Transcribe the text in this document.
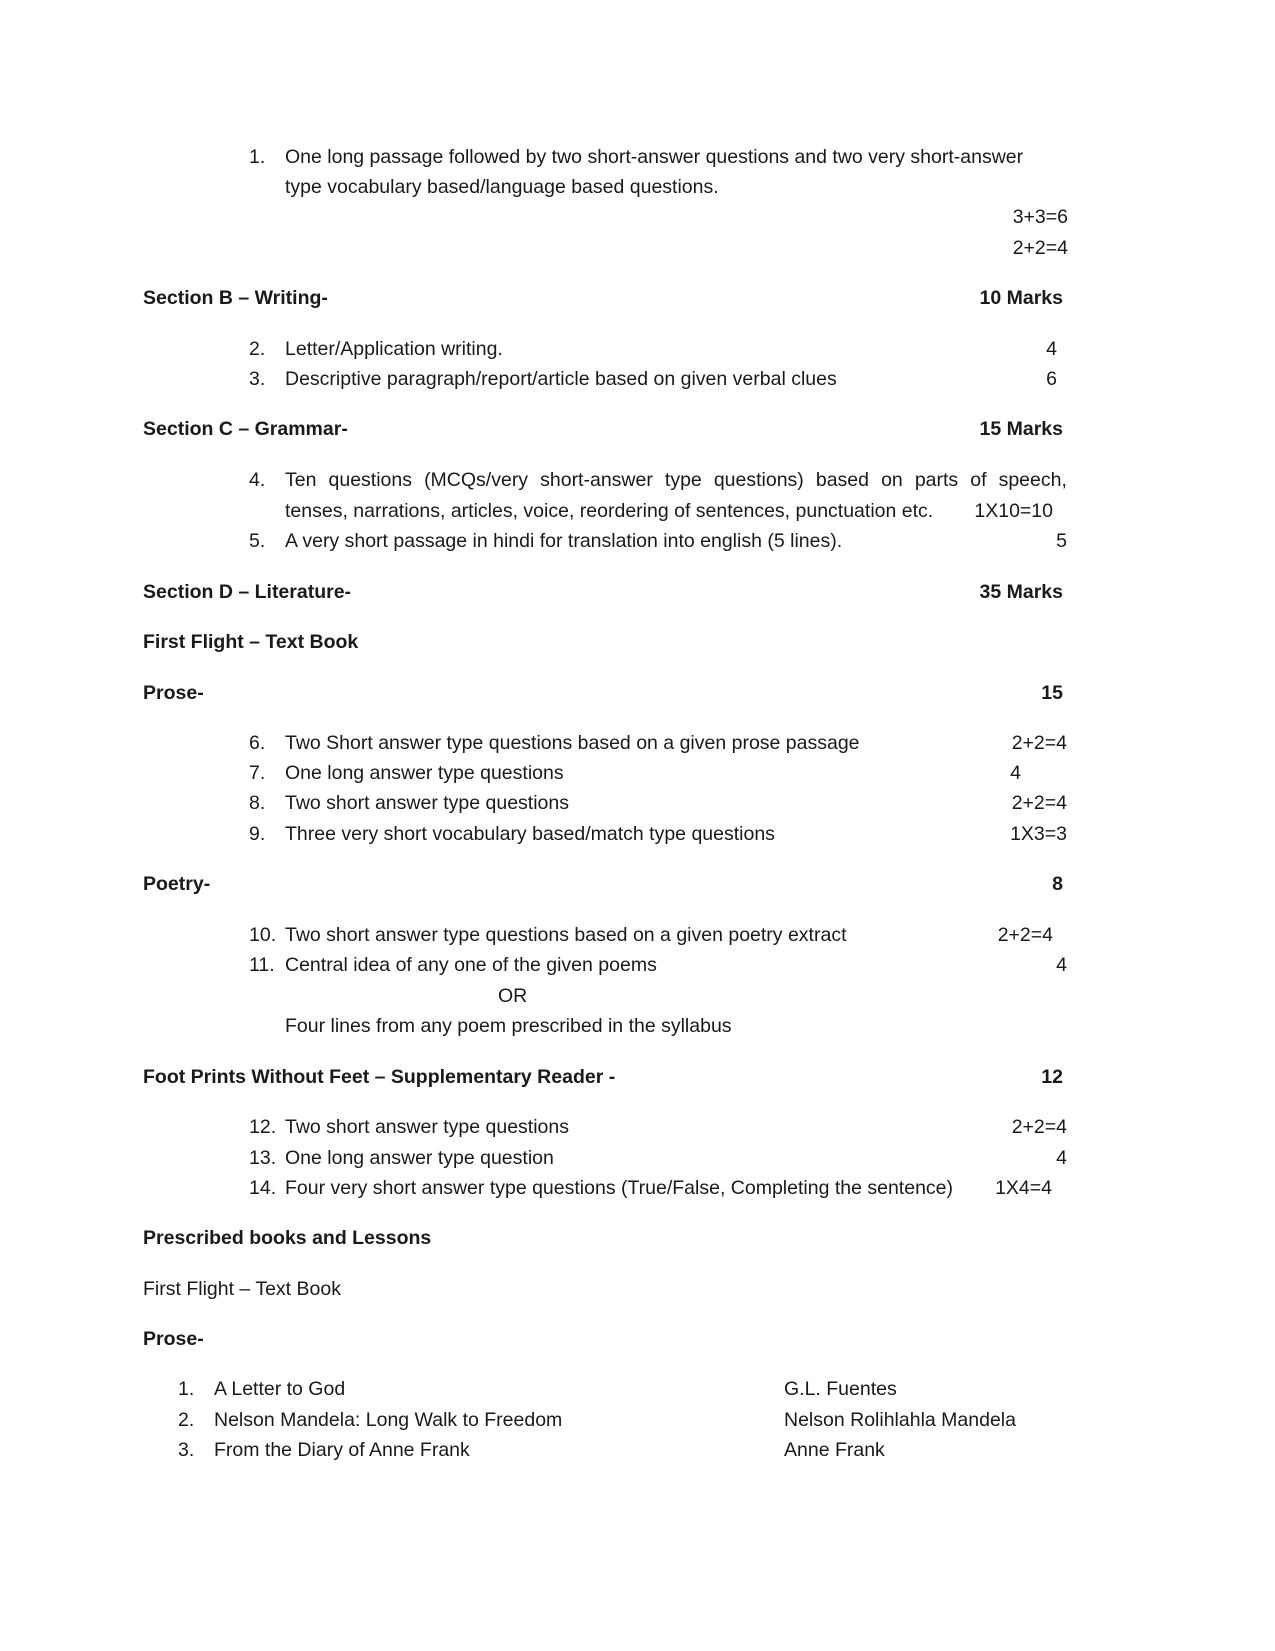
1. One long passage followed by two short-answer questions and two very short-answer
type vocabulary based/language based questions.
3+3=6
2+2=4
Section B – Writing-	10 Marks
2. Letter/Application writing.	4
3. Descriptive paragraph/report/article based on given verbal clues	6
Section C – Grammar-	15 Marks
4. Ten questions (MCQs/very short-answer type questions) based on parts of speech,
tenses, narrations, articles, voice, reordering of sentences, punctuation etc. 1X10=10
5. A very short passage in hindi for translation into english (5 lines).	5
Section D – Literature-	35 Marks
First Flight – Text Book
Prose-	15
6. Two Short answer type questions based on a given prose passage	2+2=4
7. One long answer type questions	4
8. Two short answer type questions	2+2=4
9. Three very short vocabulary based/match type questions	1X3=3
Poetry-	8
10. Two short answer type questions based on a given poetry extract	2+2=4
11. Central idea of any one of the given poems	4
OR
Four lines from any poem prescribed in the syllabus
Foot Prints Without Feet – Supplementary Reader -	12
12. Two short answer type questions	2+2=4
13. One long answer type question	4
14. Four very short answer type questions (True/False, Completing the sentence) 1X4=4
Prescribed books and Lessons
First Flight – Text Book
Prose-
1. A Letter to God	G.L. Fuentes
2. Nelson Mandela: Long Walk to Freedom	Nelson Rolihlahla Mandela
3. From the Diary of Anne Frank	Anne Frank
